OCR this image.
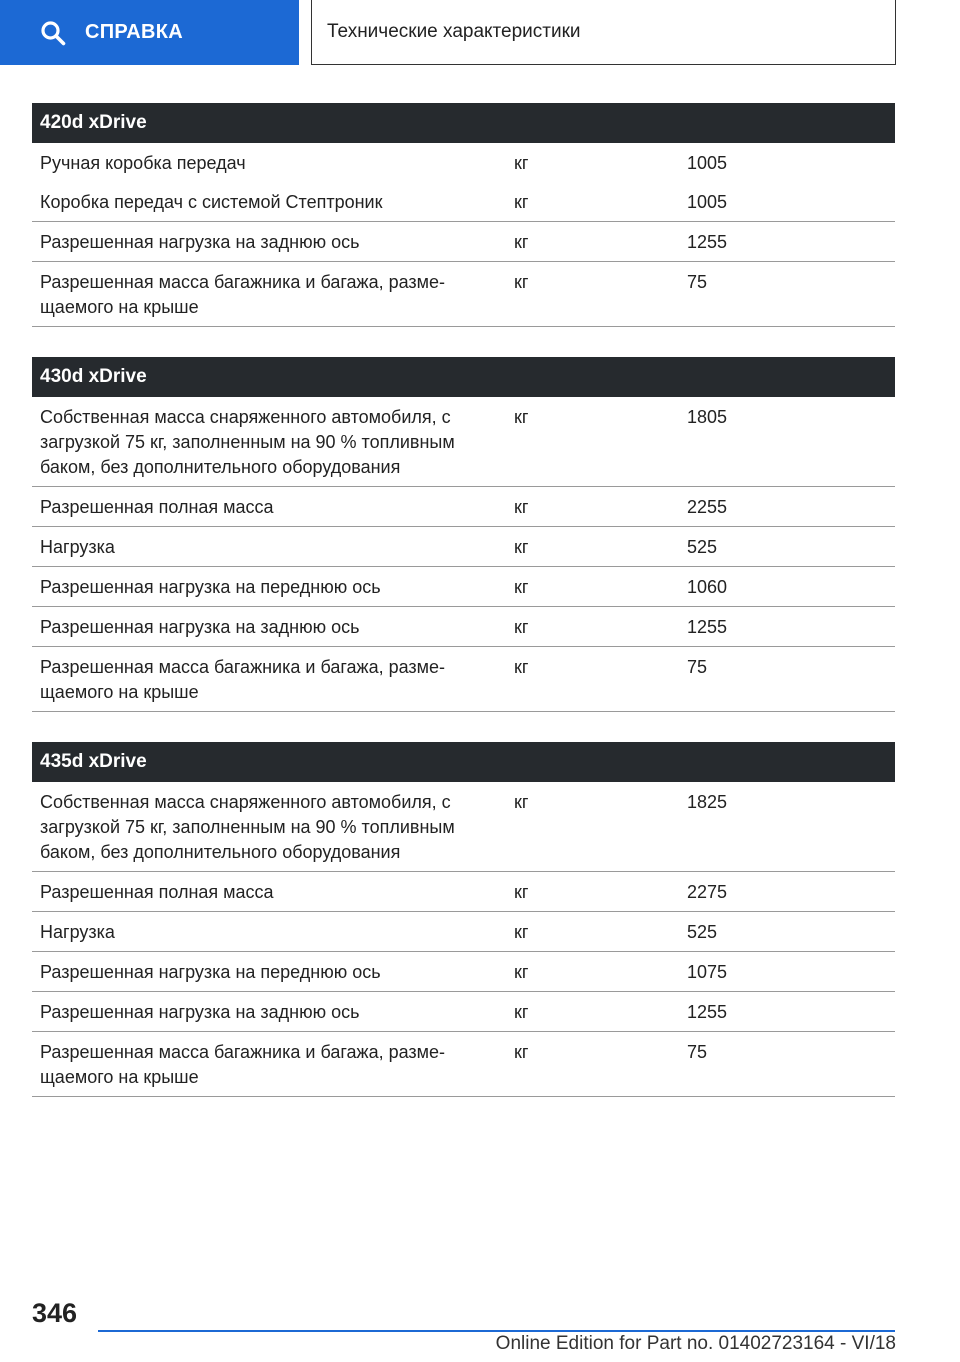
СПРАВКА	Технические характеристики
420d xDrive		
Ручная коробка передач	кг	1005
Коробка передач с системой Стептроник	кг	1005
Разрешенная нагрузка на заднюю ось	кг	1255
Разрешенная масса багажника и багажа, разме-
щаемого на крыше	кг	75
430d xDrive		
Собственная масса снаряженного автомобиля, с
загрузкой 75 кг, заполненным на 90 % топливным
баком, без дополнительного оборудования	кг	1805
Разрешенная полная масса	кг	2255
Нагрузка	кг	525
Разрешенная нагрузка на переднюю ось	кг	1060
Разрешенная нагрузка на заднюю ось	кг	1255
Разрешенная масса багажника и багажа, разме-
щаемого на крыше	кг	75
435d xDrive		
Собственная масса снаряженного автомобиля, с
загрузкой 75 кг, заполненным на 90 % топливным
баком, без дополнительного оборудования	кг	1825
Разрешенная полная масса	кг	2275
Нагрузка	кг	525
Разрешенная нагрузка на переднюю ось	кг	1075
Разрешенная нагрузка на заднюю ось	кг	1255
Разрешенная масса багажника и багажа, разме-
щаемого на крыше	кг	75
346
Online Edition for Part no. 01402723164 - VI/18
